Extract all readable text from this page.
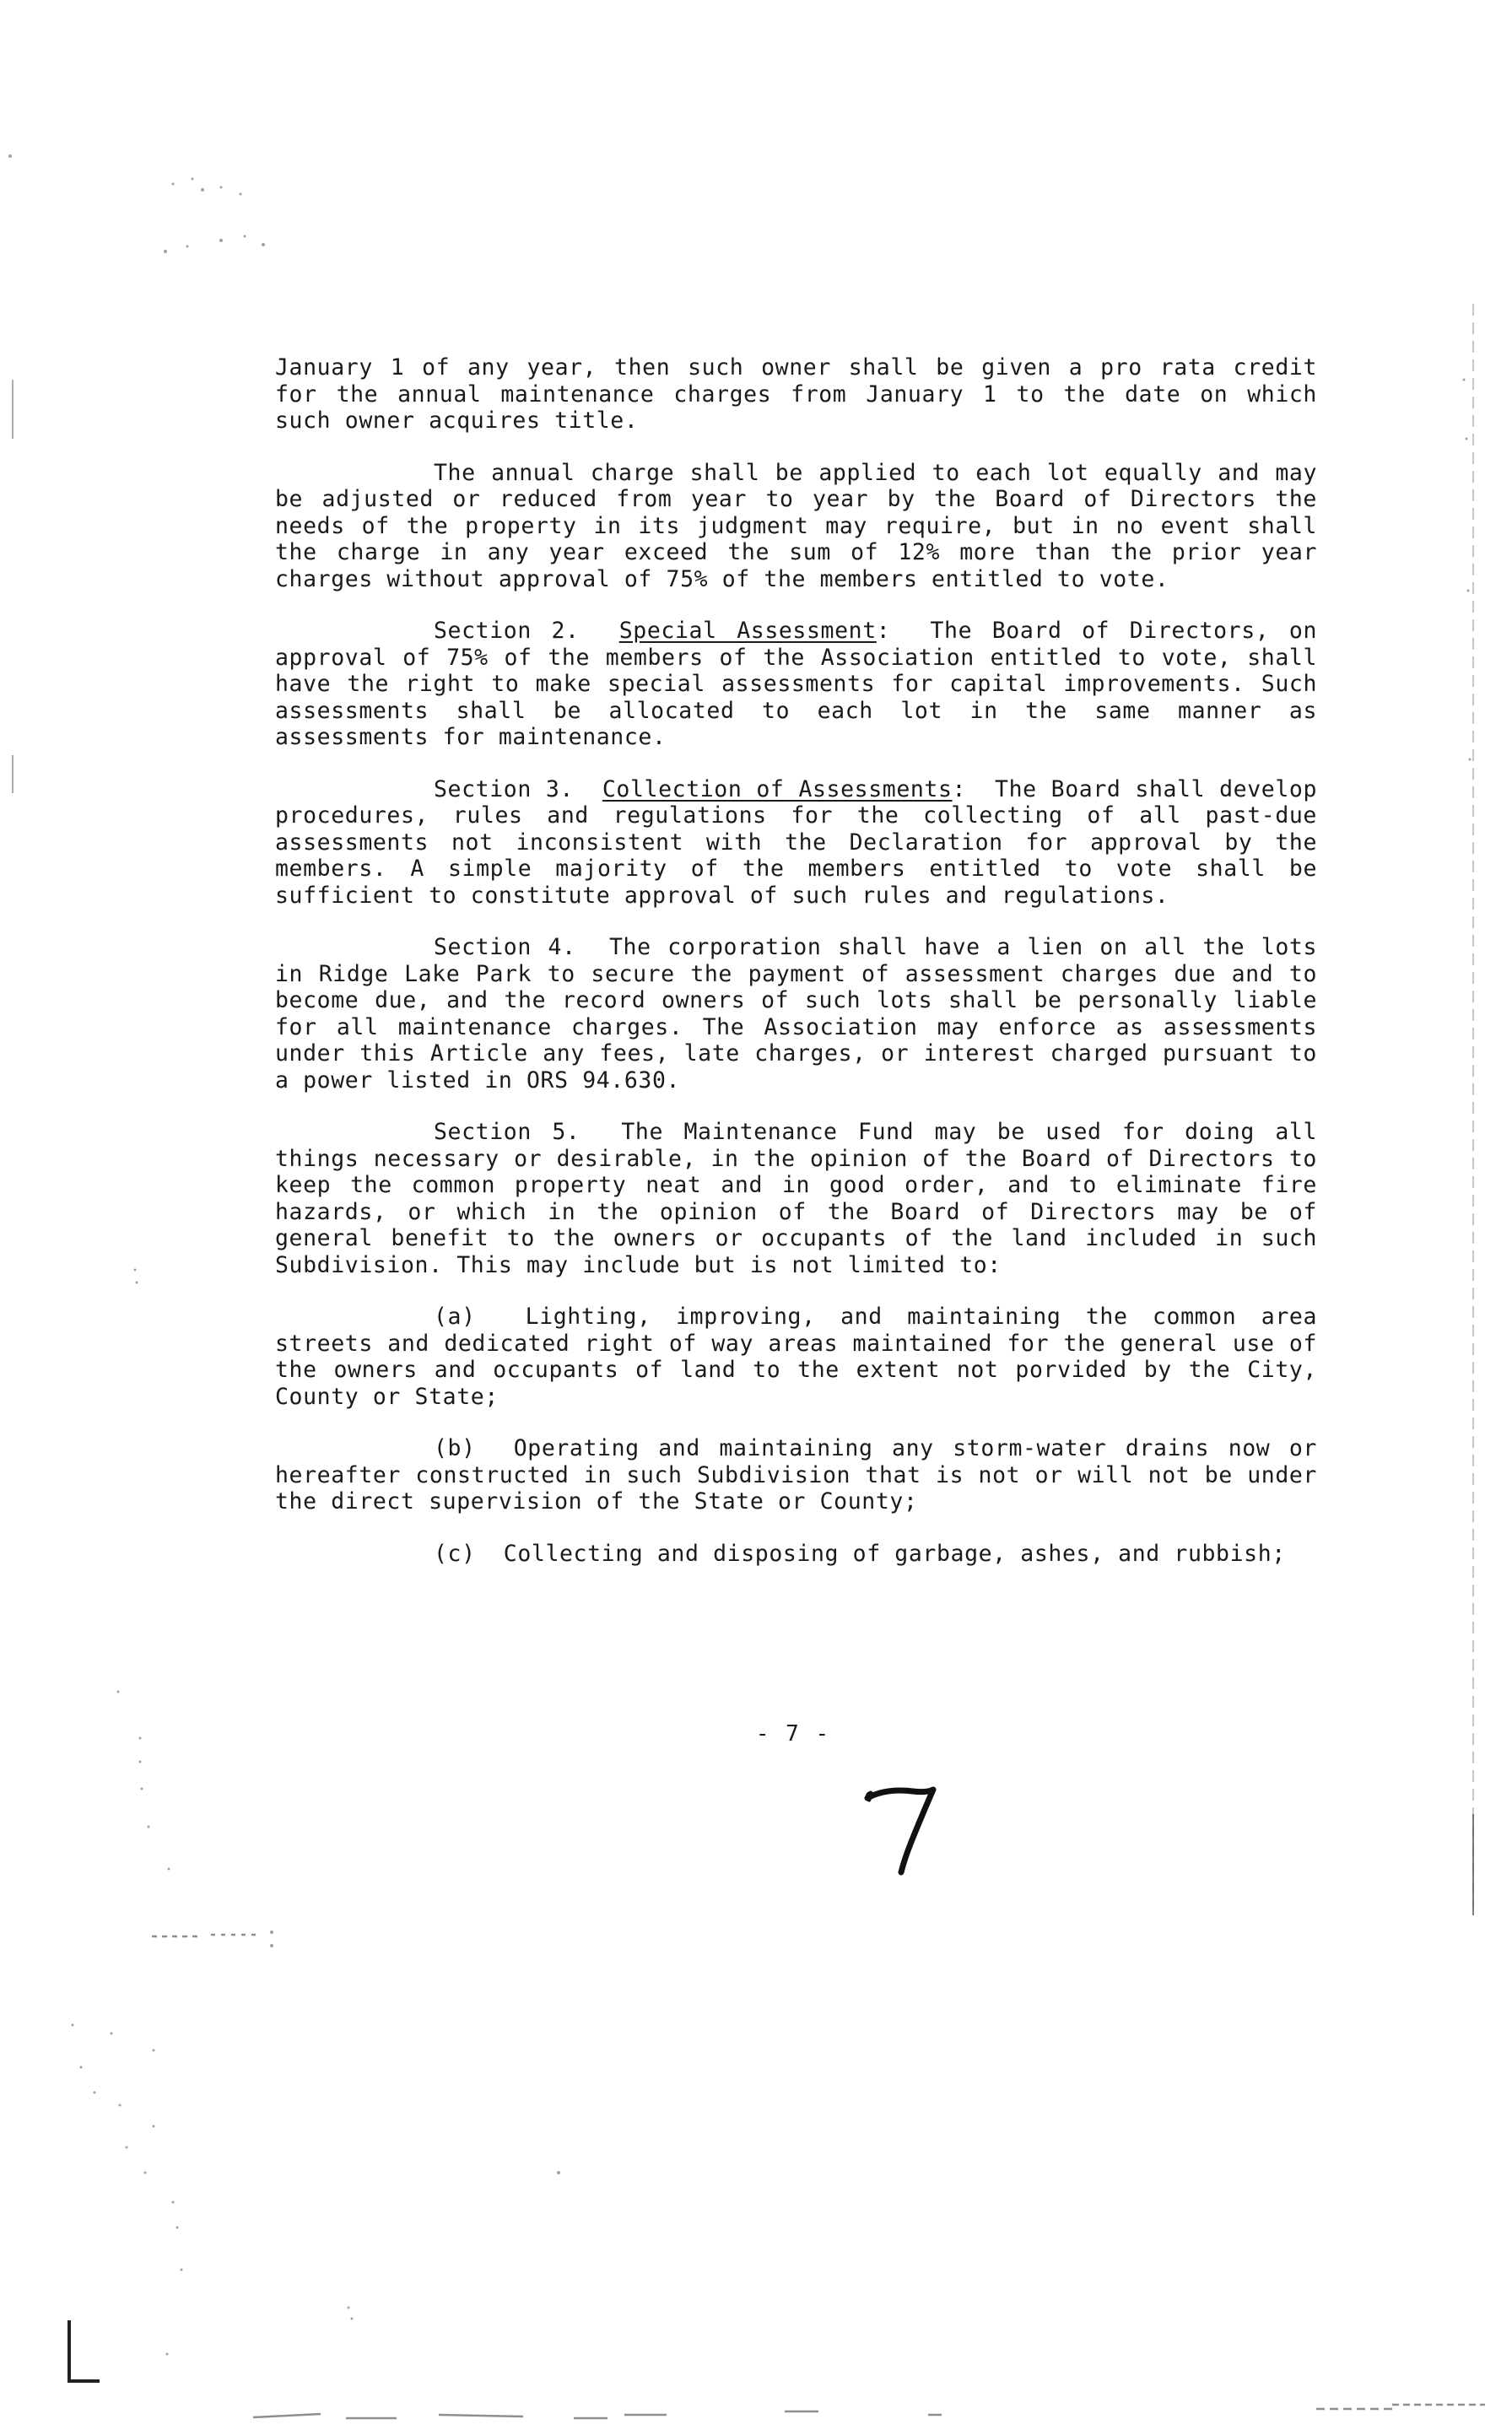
January 1 of any year, then such owner shall be given a pro rata credit for the annual maintenance charges from January 1 to the date on which such owner acquires title.

The annual charge shall be applied to each lot equally and may be adjusted or reduced from year to year by the Board of Directors the needs of the property in its judgment may require, but in no event shall the charge in any year exceed the sum of 12% more than the prior year charges without approval of 75% of the members entitled to vote.

Section 2. Special Assessment:  The Board of Directors, on approval of 75% of the members of the Association entitled to vote, shall have the right to make special assessments for capital improvements. Such assessments shall be allocated to each lot in the same manner as assessments for maintenance.

Section 3. Collection of Assessments:  The Board shall develop procedures, rules and regulations for the collecting of all past-due assessments not inconsistent with the Declaration for approval by the members. A simple majority of the members entitled to vote shall be sufficient to constitute approval of such rules and regulations.

Section 4. The corporation shall have a lien on all the lots in Ridge Lake Park to secure the payment of assessment charges due and to become due, and the record owners of such lots shall be personally liable for all maintenance charges. The Association may enforce as assessments under this Article any fees, late charges, or interest charged pursuant to a power listed in ORS 94.630.

Section 5. The Maintenance Fund may be used for doing all things necessary or desirable, in the opinion of the Board of Directors to keep the common property neat and in good order, and to eliminate fire hazards, or which in the opinion of the Board of Directors may be of general benefit to the owners or occupants of the land included in such Subdivision. This may include but is not limited to:

(a) Lighting, improving, and maintaining the common area streets and dedicated right of way areas maintained for the general use of the owners and occupants of land to the extent not porvided by the City, County or State;

(b) Operating and maintaining any storm-water drains now or hereafter constructed in such Subdivision that is not or will not be under the direct supervision of the State or County;

(c) Collecting and disposing of garbage, ashes, and rubbish;

- 7 -
